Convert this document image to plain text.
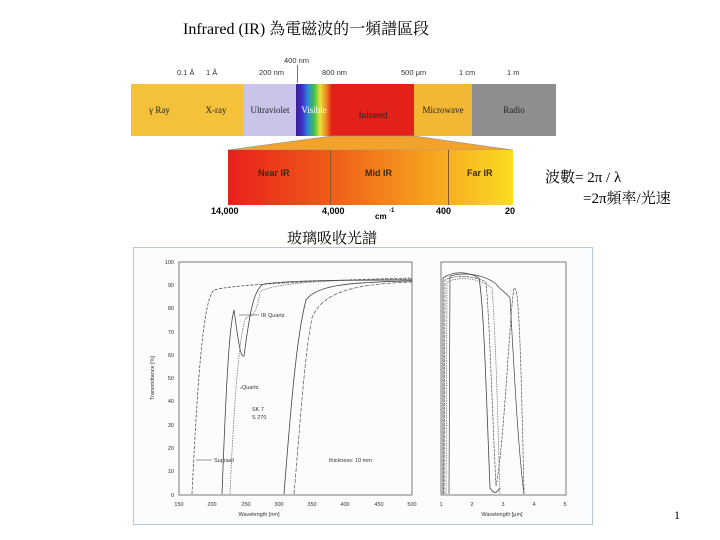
Infrared (IR) 為電磁波的一頻譜區段
400 nm
0.1 Å 1 Å	200 nm	800 nm	500 μm	1 cm	1 m
γ Ray	X-ray	Ultraviolet Visible	Infrared	Microwave	Radio
Near IR	Mid IR	Far IR
14,000	4,000
cm
-1	400	20
波數= 2π / λ
=2π頻率/光速
玻璃吸收光譜
100
90
80
70
60
50
40
30
20
10
0
Transmittance [%]
150	200	250	300	350	400	450	500
Wavelength [nm]
IR Quartz
Quartz
SK 7
S 270
Suprasil	thickness: 10 mm
1	2	3	4	5
Wavelength [μm]	1
